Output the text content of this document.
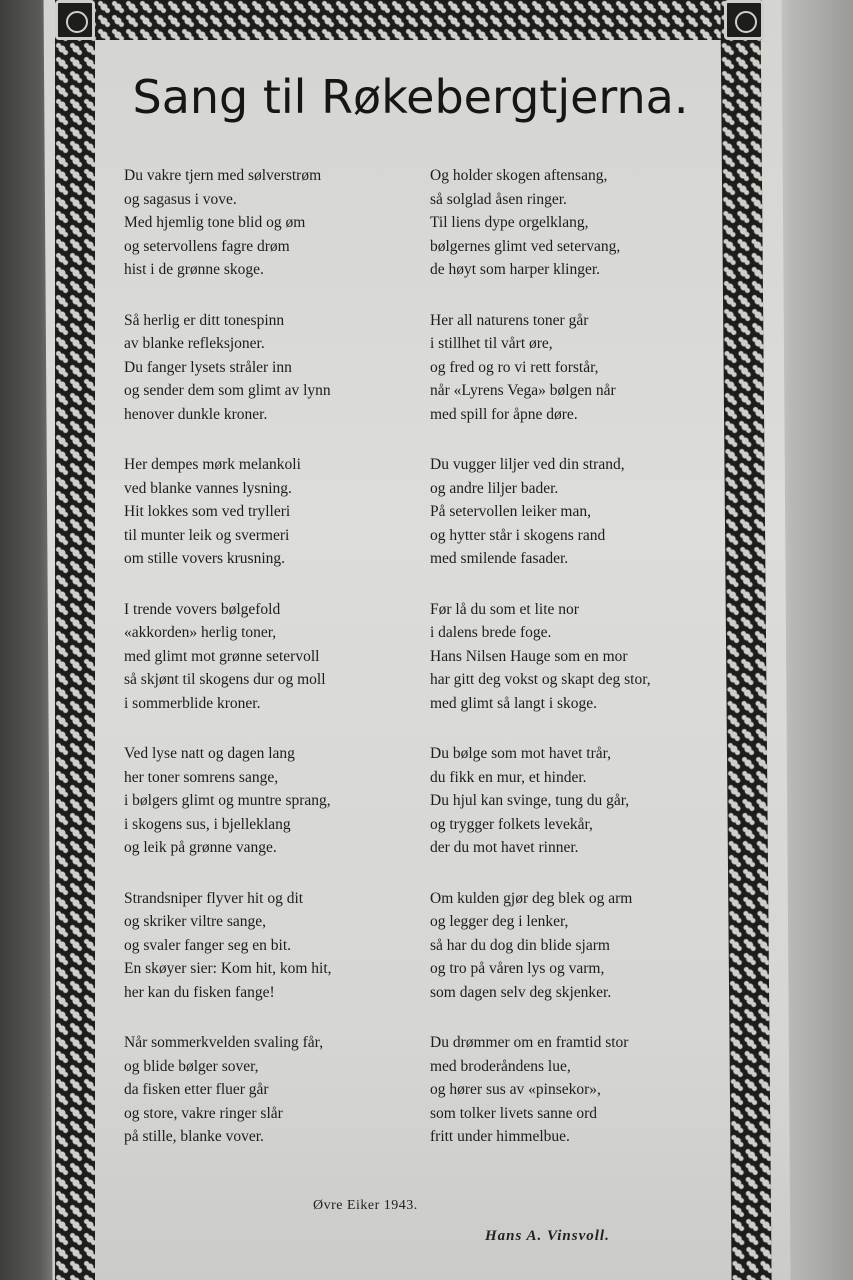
Sang til Røkebergtjerna.
Du vakre tjern med sølverstrøm
og sagasus i vove.
Med hjemlig tone blid og øm
og setervollens fagre drøm
hist i de grønne skoge.
Så herlig er ditt tonespinn
av blanke refleksjoner.
Du fanger lysets stråler inn
og sender dem som glimt av lynn
henover dunkle kroner.
Her dempes mørk melankoli
ved blanke vannes lysning.
Hit lokkes som ved trylleri
til munter leik og svermeri
om stille vovers krusning.
I trende vovers bølgefold
«akkorden» herlig toner,
med glimt mot grønne setervoll
så skjønt til skogens dur og moll
i sommerblide kroner.
Ved lyse natt og dagen lang
her toner somrens sange,
i bølgers glimt og muntre sprang,
i skogens sus, i bjelleklang
og leik på grønne vange.
Strandsniper flyver hit og dit
og skriker viltre sange,
og svaler fanger seg en bit.
En skøyer sier: Kom hit, kom hit,
her kan du fisken fange!
Når sommerkvelden svaling får,
og blide bølger sover,
da fisken etter fluer går
og store, vakre ringer slår
på stille, blanke vover.
Og holder skogen aftensang,
så solglad åsen ringer.
Til liens dype orgelklang,
bølgernes glimt ved setervang,
de høyt som harper klinger.
Her all naturens toner går
i stillhet til vårt øre,
og fred og ro vi rett forstår,
når «Lyrens Vega» bølgen når
med spill for åpne døre.
Du vugger liljer ved din strand,
og andre liljer bader.
På setervollen leiker man,
og hytter står i skogens rand
med smilende fasader.
Før lå du som et lite nor
i dalens brede foge.
Hans Nilsen Hauge som en mor
har gitt deg vokst og skapt deg stor,
med glimt så langt i skoge.
Du bølge som mot havet trår,
du fikk en mur, et hinder.
Du hjul kan svinge, tung du går,
og trygger folkets levekår,
der du mot havet rinner.
Om kulden gjør deg blek og arm
og legger deg i lenker,
så har du dog din blide sjarm
og tro på våren lys og varm,
som dagen selv deg skjenker.
Du drømmer om en framtid stor
med broderåndens lue,
og hører sus av «pinsekor»,
som tolker livets sanne ord
fritt under himmelbue.
Øvre Eiker 1943.
Hans A. Vinsvoll.
